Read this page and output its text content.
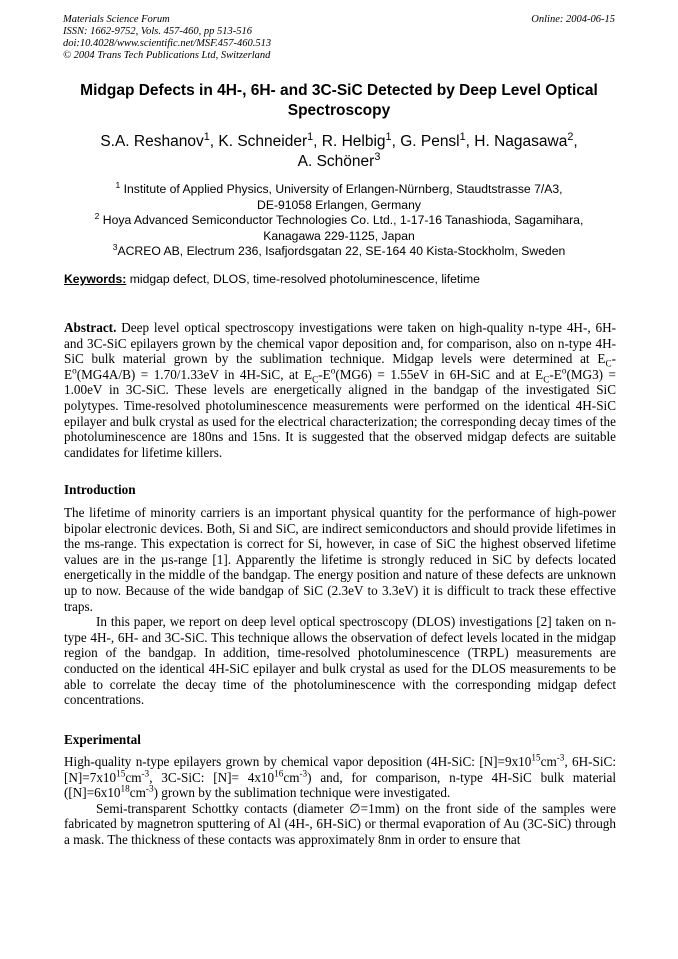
Materials Science Forum
ISSN: 1662-9752, Vols. 457-460, pp 513-516
doi:10.4028/www.scientific.net/MSF.457-460.513
© 2004 Trans Tech Publications Ltd, Switzerland
Online: 2004-06-15
Midgap Defects in 4H-, 6H- and 3C-SiC Detected by Deep Level Optical Spectroscopy
S.A. Reshanov$^1$, K. Schneider$^1$, R. Helbig$^1$, G. Pensl$^1$, H. Nagasawa$^2$,
A. Schöner$^3$
$^1$ Institute of Applied Physics, University of Erlangen-Nürnberg, Staudtstrasse 7/A3,
DE-91058 Erlangen, Germany
$^2$ Hoya Advanced Semiconductor Technologies Co. Ltd., 1-17-16 Tanashioda, Sagamihara,
Kanagawa 229-1125, Japan
$^3$ACREO AB, Electrum 236, Isafjordsgatan 22, SE-164 40 Kista-Stockholm, Sweden
Keywords: midgap defect, DLOS, time-resolved photoluminescence, lifetime
Abstract. Deep level optical spectroscopy investigations were taken on high-quality n-type 4H-, 6H- and 3C-SiC epilayers grown by the chemical vapor deposition and, for comparison, also on n-type 4H-SiC bulk material grown by the sublimation technique. Midgap levels were determined at $E_C-E^o(MG4A/B) = 1.70/1.33eV$ in 4H-SiC, at $E_C-E^o(MG6) = 1.55eV$ in 6H-SiC and at $E_C-E^o(MG3) = 1.00eV$ in 3C-SiC. These levels are energetically aligned in the bandgap of the investigated SiC polytypes. Time-resolved photoluminescence measurements were performed on the identical 4H-SiC epilayer and bulk crystal as used for the electrical characterization; the corresponding decay times of the photoluminescence are 180ns and 15ns. It is suggested that the observed midgap defects are suitable candidates for lifetime killers.
Introduction

The lifetime of minority carriers is an important physical quantity for the performance of high-power bipolar electronic devices. Both, Si and SiC, are indirect semiconductors and should provide lifetimes in the ms-range. This expectation is correct for Si, however, in case of SiC the highest observed lifetime values are in the µs-range [1]. Apparently the lifetime is strongly reduced in SiC by defects located energetically in the middle of the bandgap. The energy position and nature of these defects are unknown up to now. Because of the wide bandgap of SiC (2.3eV to 3.3eV) it is difficult to track these effective traps.

In this paper, we report on deep level optical spectroscopy (DLOS) investigations [2] taken on n-type 4H-, 6H- and 3C-SiC. This technique allows the observation of defect levels located in the midgap region of the bandgap. In addition, time-resolved photoluminescence (TRPL) measurements are conducted on the identical 4H-SiC epilayer and bulk crystal as used for the DLOS measurements to be able to correlate the decay time of the photoluminescence with the corresponding midgap defect concentrations.

Experimental

High-quality n-type epilayers grown by chemical vapor deposition (4H-SiC: $[N]=9x10^{15}cm^{-3}$, 6H-SiC: $[N]=7x10^{15}cm^{-3}$, 3C-SiC: $[N]= 4x10^{16}cm^{-3}$) and, for comparison, n-type 4H-SiC bulk material $([N]=6x10^{18}cm^{-3})$ grown by the sublimation technique were investigated.

Semi-transparent Schottky contacts (diameter ∅=1mm) on the front side of the samples were fabricated by magnetron sputtering of Al (4H-, 6H-SiC) or thermal evaporation of Au (3C-SiC) through a mask. The thickness of these contacts was approximately 8nm in order to ensure that
